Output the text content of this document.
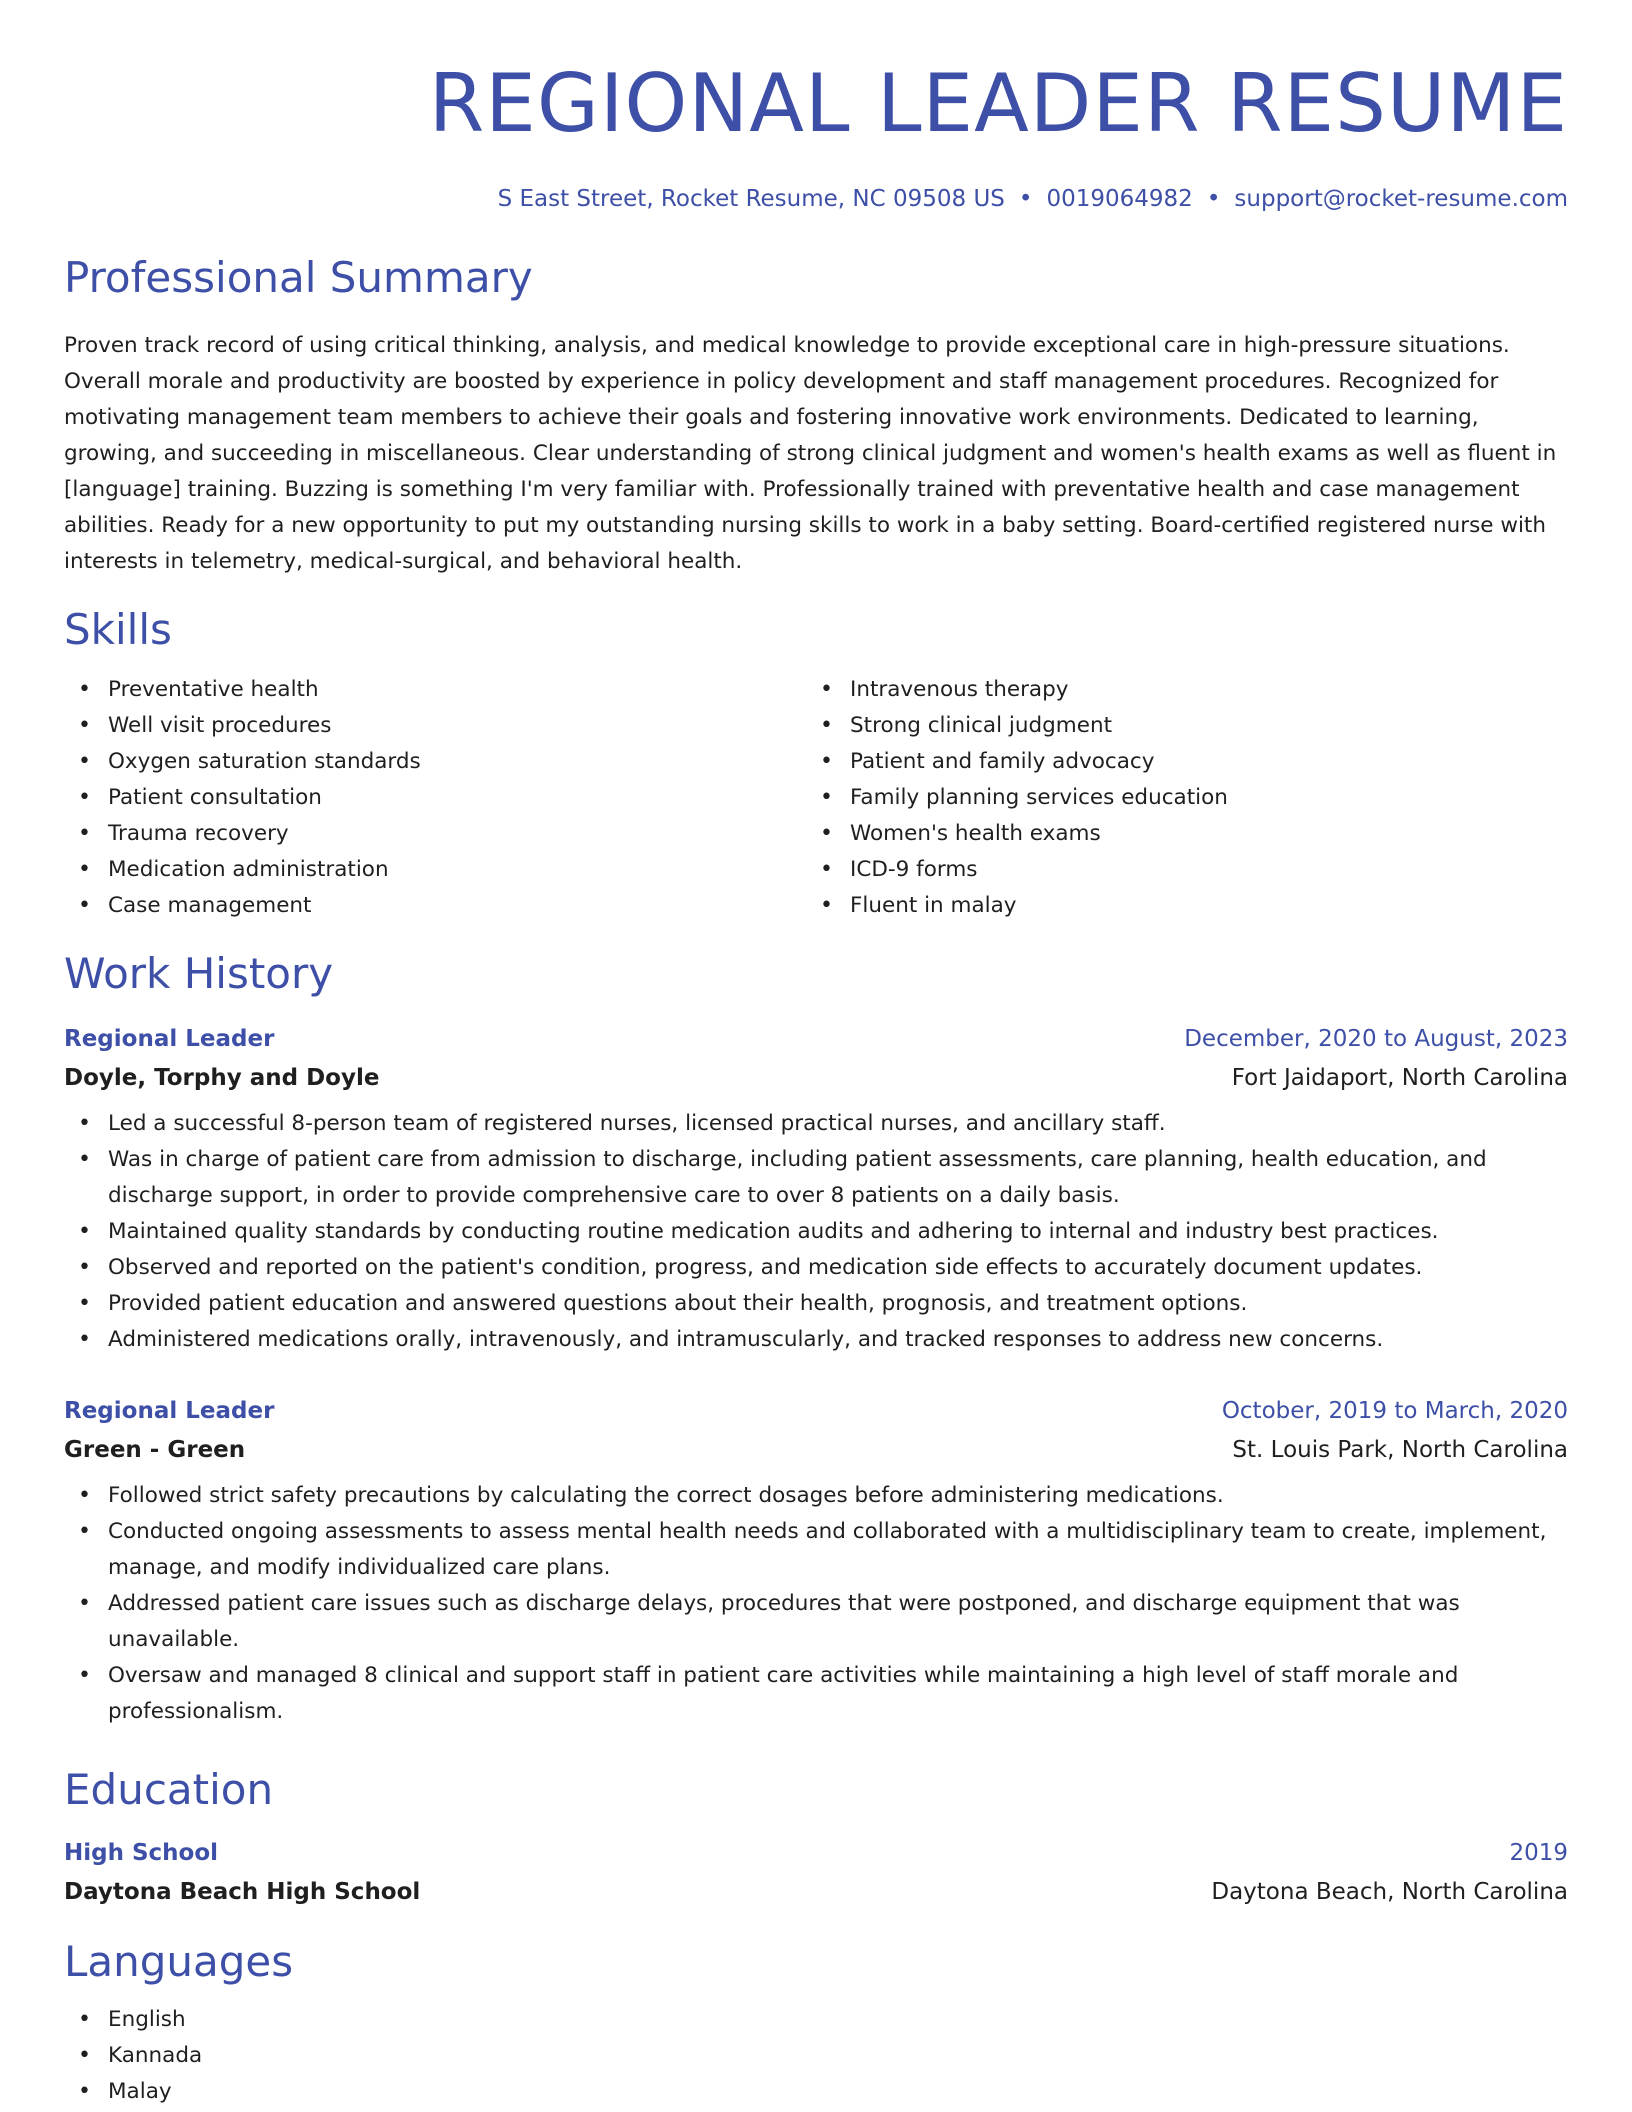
REGIONAL LEADER RESUME
S East Street, Rocket Resume, NC 09508 US • 0019064982 • support@rocket-resume.com
Professional Summary

Proven track record of using critical thinking, analysis, and medical knowledge to provide exceptional care in high-pressure situations. Overall morale and productivity are boosted by experience in policy development and staff management procedures. Recognized for motivating management team members to achieve their goals and fostering innovative work environments. Dedicated to learning, growing, and succeeding in miscellaneous. Clear understanding of strong clinical judgment and women's health exams as well as fluent in [language] training. Buzzing is something I'm very familiar with. Professionally trained with preventative health and case management abilities. Ready for a new opportunity to put my outstanding nursing skills to work in a baby setting. Board-certified registered nurse with interests in telemetry, medical-surgical, and behavioral health.

Skills
• Preventative health
• Well visit procedures
• Oxygen saturation standards
• Patient consultation
• Trauma recovery
• Medication administration
• Case management
• Intravenous therapy
• Strong clinical judgment
• Patient and family advocacy
• Family planning services education
• Women's health exams
• ICD-9 forms
• Fluent in malay
Work History
Regional Leader	December, 2020 to August, 2023
Doyle, Torphy and Doyle	Fort Jaidaport, North Carolina
• Led a successful 8-person team of registered nurses, licensed practical nurses, and ancillary staff.
• Was in charge of patient care from admission to discharge, including patient assessments, care planning, health education, and discharge support, in order to provide comprehensive care to over 8 patients on a daily basis.
• Maintained quality standards by conducting routine medication audits and adhering to internal and industry best practices.
• Observed and reported on the patient's condition, progress, and medication side effects to accurately document updates.
• Provided patient education and answered questions about their health, prognosis, and treatment options.
• Administered medications orally, intravenously, and intramuscularly, and tracked responses to address new concerns.
Regional Leader	October, 2019 to March, 2020
Green - Green	St. Louis Park, North Carolina
• Followed strict safety precautions by calculating the correct dosages before administering medications.
• Conducted ongoing assessments to assess mental health needs and collaborated with a multidisciplinary team to create, implement, manage, and modify individualized care plans.
• Addressed patient care issues such as discharge delays, procedures that were postponed, and discharge equipment that was unavailable.
• Oversaw and managed 8 clinical and support staff in patient care activities while maintaining a high level of staff morale and professionalism.
Education
High School	2019
Daytona Beach High School	Daytona Beach, North Carolina
Languages
• English
• Kannada
• Malay
